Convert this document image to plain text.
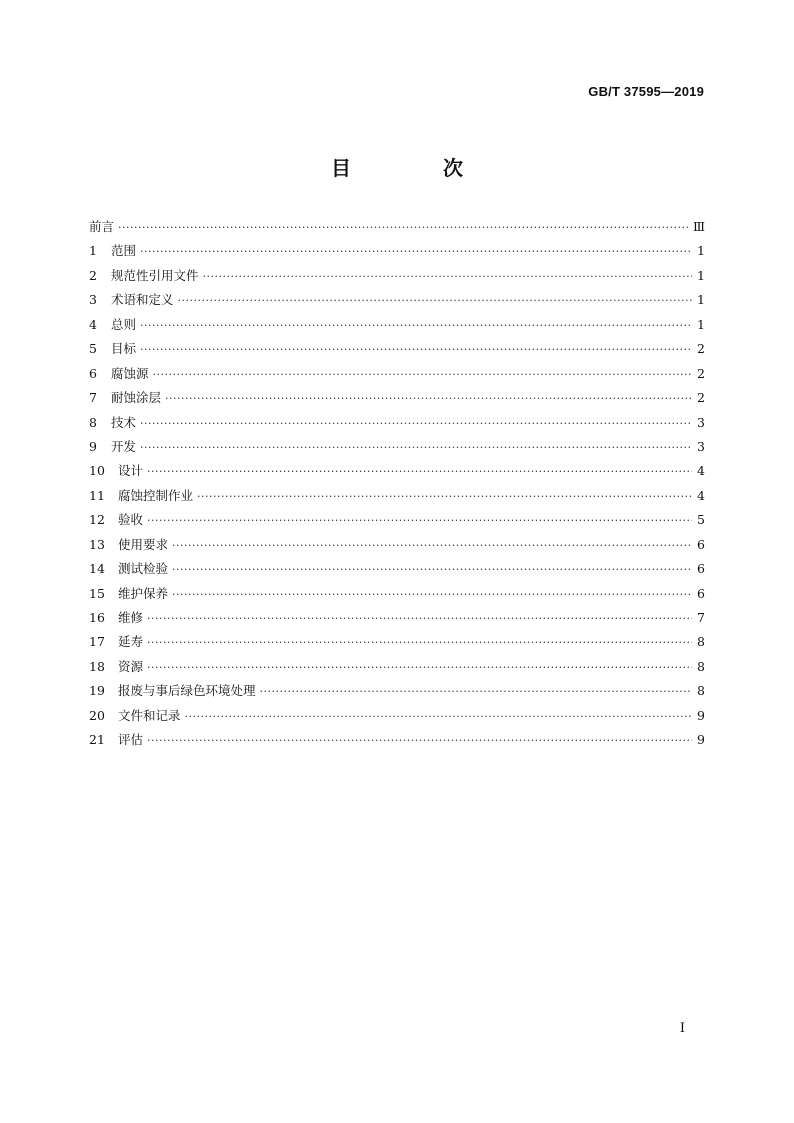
GB/T 37595—2019
目　次
前言 ·····	Ⅲ
1	范围 ·····	1
2	规范性引用文件 ·····	1
3	术语和定义 ·····	1
4	总则 ·····	1
5	目标 ·····	2
6	腐蚀源 ·····	2
7	耐蚀涂层 ·····	2
8	技术 ·····	3
9	开发 ·····	3
10	设计 ·····	4
11	腐蚀控制作业 ·····	4
12	验收 ·····	5
13	使用要求 ·····	6
14	测试检验 ·····	6
15	维护保养 ·····	6
16	维修 ·····	7
17	延寿 ·····	8
18	资源 ·····	8
19	报废与事后绿色环境处理 ·····	8
20	文件和记录 ·····	9
21	评估 ·····	9
I
